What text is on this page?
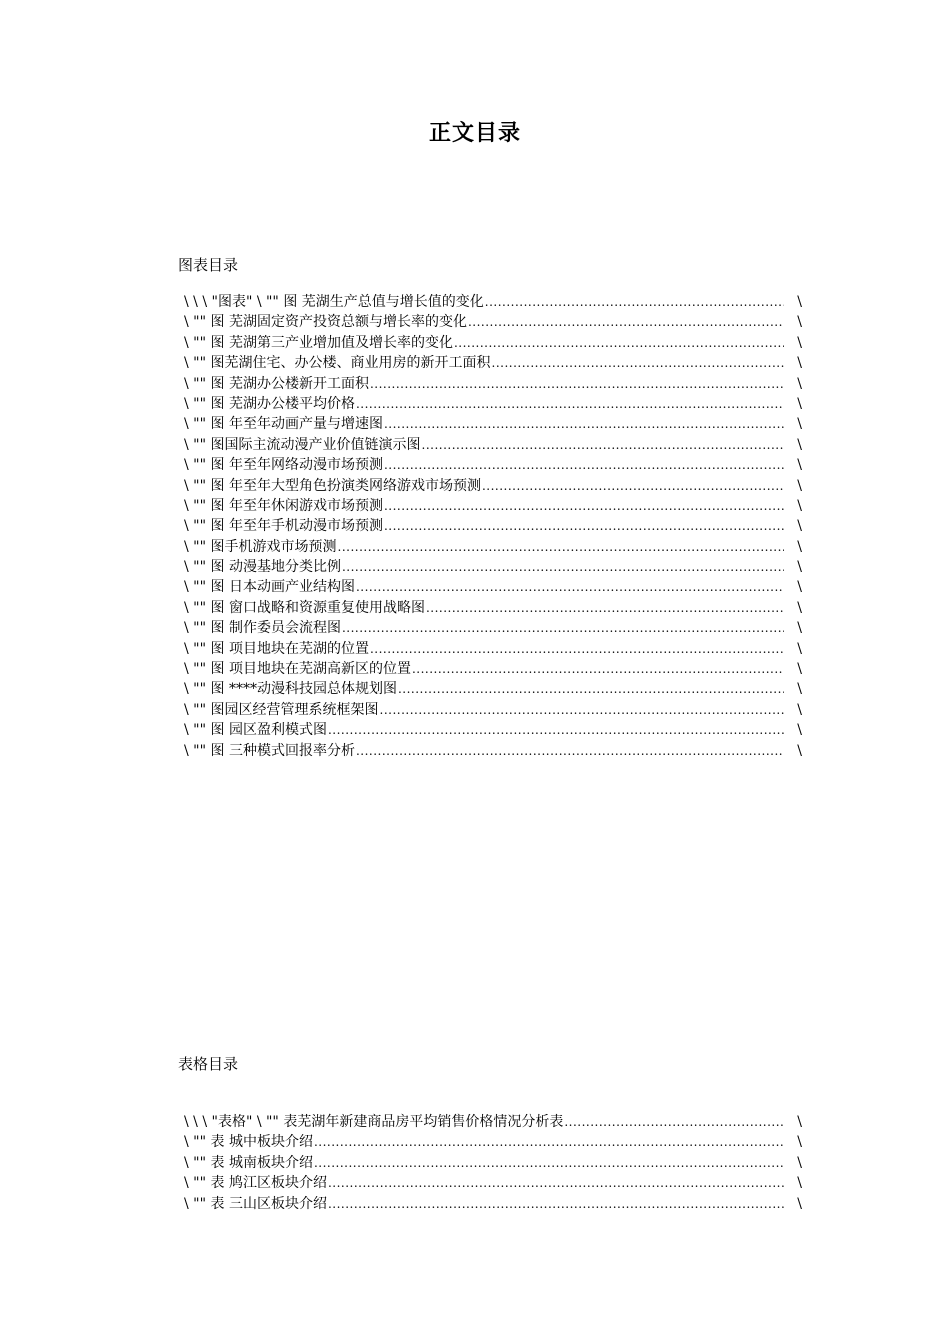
正文目录
图表目录
\ \ \ "图表" \ "" 图 芜湖生产总值与增长值的变化 .....	\
\ "" 图 芜湖固定资产投资总额与增长率的变化 .....	\
\ "" 图 芜湖第三产业增加值及增长率的变化 .....	\
\ "" 图芜湖住宅、办公楼、商业用房的新开工面积 .....	\
\ "" 图 芜湖办公楼新开工面积 .....	\
\ "" 图 芜湖办公楼平均价格 .....	\
\ "" 图 年至年动画产量与增速图 .....	\
\ "" 图国际主流动漫产业价值链演示图 .....	\
\ "" 图 年至年网络动漫市场预测 .....	\
\ "" 图 年至年大型角色扮演类网络游戏市场预测 .....	\
\ "" 图 年至年休闲游戏市场预测 .....	\
\ "" 图 年至年手机动漫市场预测 .....	\
\ "" 图手机游戏市场预测 .....	\
\ "" 图 动漫基地分类比例 .....	\
\ "" 图 日本动画产业结构图 .....	\
\ "" 图 窗口战略和资源重复使用战略图 .....	\
\ "" 图 制作委员会流程图 .....	\
\ "" 图 项目地块在芜湖的位置 .....	\
\ "" 图 项目地块在芜湖高新区的位置 .....	\
\ "" 图 ****动漫科技园总体规划图 .....	\
\ "" 图园区经营管理系统框架图 .....	\
\ "" 图 园区盈利模式图 .....	\
\ "" 图 三种模式回报率分析 .....	\
表格目录
\ \ \ "表格" \ "" 表芜湖年新建商品房平均销售价格情况分析表 .....	\
\ "" 表 城中板块介绍 .....	\
\ "" 表 城南板块介绍 .....	\
\ "" 表 鸠江区板块介绍 .....	\
\ "" 表 三山区板块介绍 .....	\
